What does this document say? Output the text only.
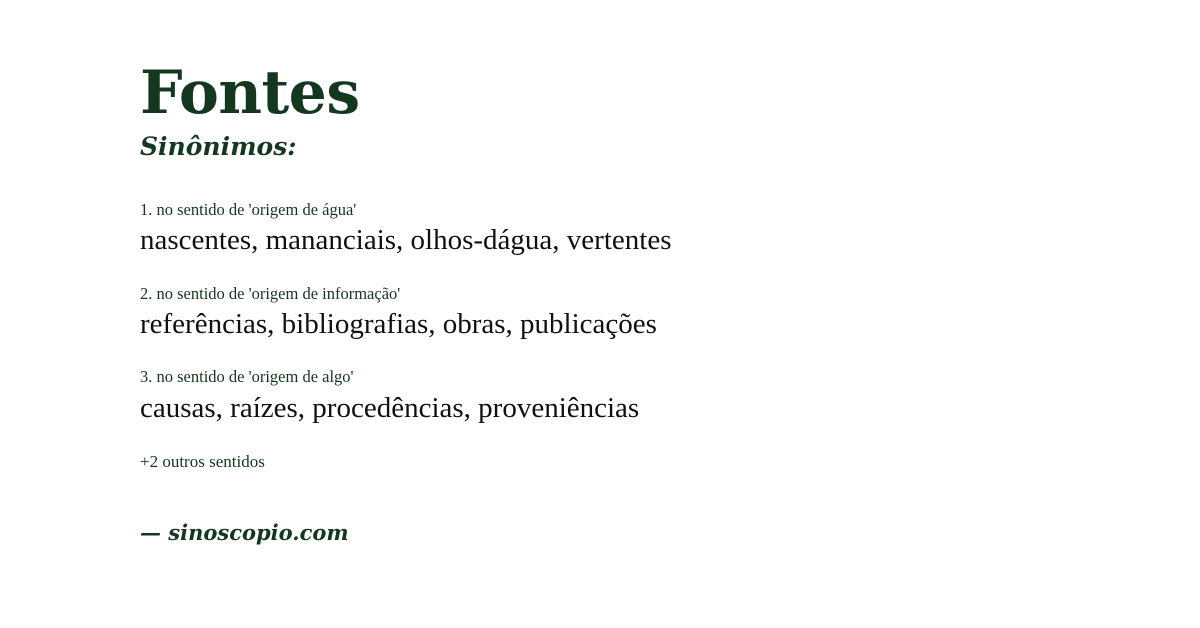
Fontes
Sinônimos:
1. no sentido de 'origem de água'
nascentes, mananciais, olhos-dágua, vertentes
2. no sentido de 'origem de informação'
referências, bibliografias, obras, publicações
3. no sentido de 'origem de algo'
causas, raízes, procedências, proveniências
+2 outros sentidos
— sinoscopio.com
